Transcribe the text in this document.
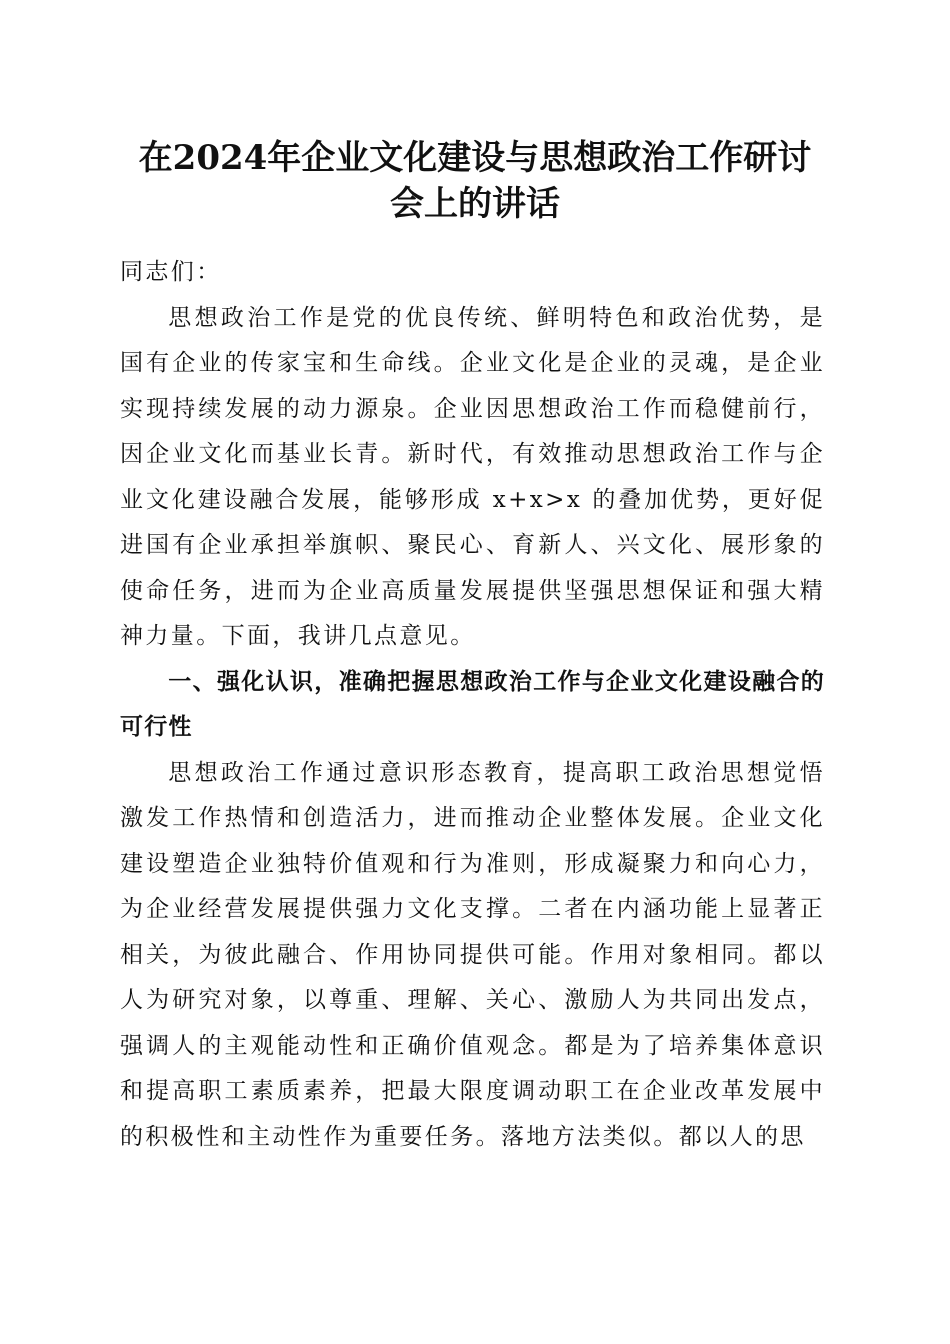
在2024年企业文化建设与思想政治工作研讨
会上的讲话

同志们：

思想政治工作是党的优良传统、鲜明特色和政治优势，是国有企业的传家宝和生命线。企业文化是企业的灵魂，是企业实现持续发展的动力源泉。企业因思想政治工作而稳健前行，因企业文化而基业长青。新时代，有效推动思想政治工作与企业文化建设融合发展，能够形成 x+x>x 的叠加优势，更好促进国有企业承担举旗帜、聚民心、育新人、兴文化、展形象的使命任务，进而为企业高质量发展提供坚强思想保证和强大精神力量。下面，我讲几点意见。

一、强化认识，准确把握思想政治工作与企业文化建设融合的可行性

思想政治工作通过意识形态教育，提高职工政治思想觉悟激发工作热情和创造活力，进而推动企业整体发展。企业文化建设塑造企业独特价值观和行为准则，形成凝聚力和向心力，为企业经营发展提供强力文化支撑。二者在内涵功能上显著正相关，为彼此融合、作用协同提供可能。作用对象相同。都以人为研究对象，以尊重、理解、关心、激励人为共同出发点，强调人的主观能动性和正确价值观念。都是为了培养集体意识和提高职工素质素养，把最大限度调动职工在企业改革发展中的积极性和主动性作为重要任务。落地方法类似。都以人的思
